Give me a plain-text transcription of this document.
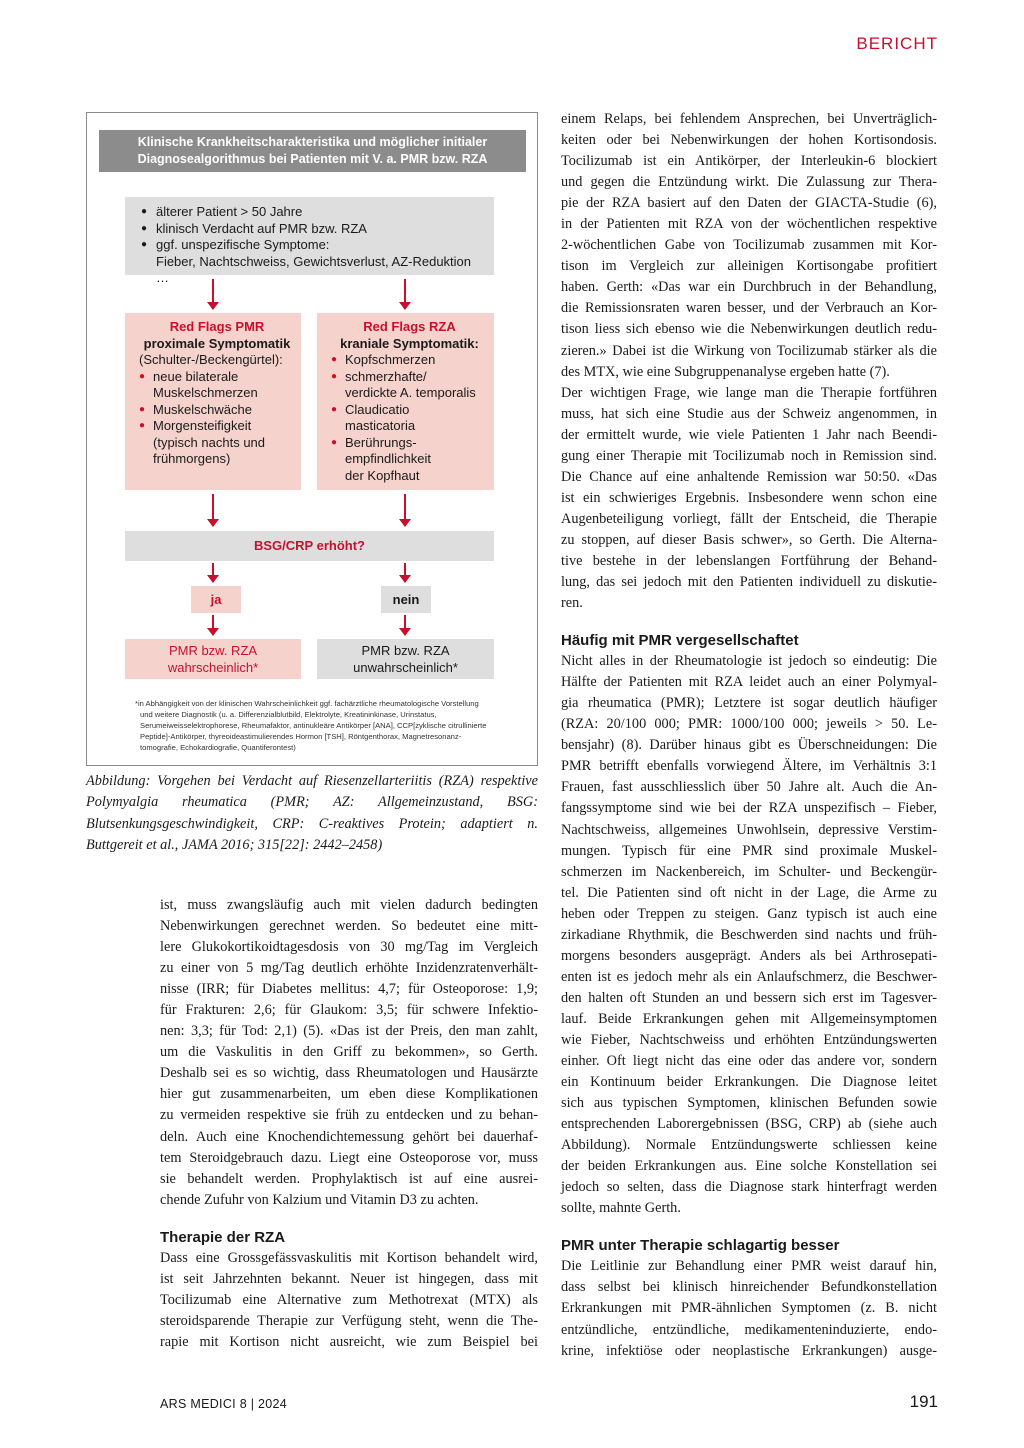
BERICHT
Klinische Krankheitscharakteristika und möglicher initialer
Diagnosealgorithmus bei Patienten mit V. a. PMR bzw. RZA
● älterer Patient > 50 Jahre
● klinisch Verdacht auf PMR bzw. RZA
● ggf. unspezifische Symptome:
Fieber, Nachtschweiss, Gewichtsverlust, AZ-Reduktion …
Red Flags PMR
proximale Symptomatik
(Schulter-/Beckengürtel):
● neue bilaterale
Muskelschmerzen
● Muskelschwäche
● Morgensteifigkeit
(typisch nachts und
frühmorgens)
Red Flags RZA
kraniale Symptomatik:
● Kopfschmerzen
● schmerzhafte/
verdickte A. temporalis
● Claudicatio
masticatoria
● Berührungs-
empfindlichkeit
der Kopfhaut
BSG/CRP erhöht?
ja	nein
PMR bzw. RZA
wahrscheinlich*
PMR bzw. RZA
unwahrscheinlich*
*in Abhängigkeit von der klinischen Wahrscheinlichkeit ggf. fachärztliche rheumatologische Vorstellung
und weitere Diagnostik (u. a. Differenzialblutbild, Elektrolyte, Kreatininkinase, Urinstatus,
Serumeiweisselektrophorese, Rheumafaktor, antinukleäre Antikörper [ANA], CCP[zyklische citrullinierte
Peptide]-Antikörper, thyreoideastimulierendes Hormon [TSH], Röntgenthorax, Magnetresonanz-
tomografie, Echokardiografie, Quantiferontest)
Abbildung: Vorgehen bei Verdacht auf Riesenzellarteriitis (RZA) respektive Polymyalgia rheumatica (PMR; AZ: Allgemeinzustand, BSG: Blutsenkungsgeschwindigkeit, CRP: C-reaktives Protein; adaptiert n. Buttgereit et al., JAMA 2016; 315[22]: 2442–2458)
ist, muss zwangsläufig auch mit vielen dadurch bedingten
Nebenwirkungen gerechnet werden. So bedeutet eine mitt-
lere Glukokortikoidtagesdosis von 30 mg/Tag im Vergleich
zu einer von 5 mg/Tag deutlich erhöhte Inzidenzratenverhält-
nisse (IRR; für Diabetes mellitus: 4,7; für Osteoporose: 1,9;
für Frakturen: 2,6; für Glaukom: 3,5; für schwere Infektio-
nen: 3,3; für Tod: 2,1) (5). «Das ist der Preis, den man zahlt,
um die Vaskulitis in den Griff zu bekommen», so Gerth.
Deshalb sei es so wichtig, dass Rheumatologen und Hausärzte
hier gut zusammenarbeiten, um eben diese Komplikationen
zu vermeiden respektive sie früh zu entdecken und zu behan-
deln. Auch eine Knochendichtemessung gehört bei dauerhaf-
tem Steroidgebrauch dazu. Liegt eine Osteoporose vor, muss
sie behandelt werden. Prophylaktisch ist auf eine ausrei-
chende Zufuhr von Kalzium und Vitamin D3 zu achten.
Therapie der RZA
Dass eine Grossgefässvaskulitis mit Kortison behandelt wird,
ist seit Jahrzehnten bekannt. Neuer ist hingegen, dass mit
Tocilizumab eine Alternative zum Methotrexat (MTX) als
steroidsparende Therapie zur Verfügung steht, wenn die The-
rapie mit Kortison nicht ausreicht, wie zum Beispiel bei
einem Relaps, bei fehlendem Ansprechen, bei Unverträglich-
keiten oder bei Nebenwirkungen der hohen Kortisondosis.
Tocilizumab ist ein Antikörper, der Interleukin-6 blockiert
und gegen die Entzündung wirkt. Die Zulassung zur Thera-
pie der RZA basiert auf den Daten der GIACTA-Studie (6),
in der Patienten mit RZA von der wöchentlichen respektive
2-wöchentlichen Gabe von Tocilizumab zusammen mit Kor-
tison im Vergleich zur alleinigen Kortisongabe profitiert
haben. Gerth: «Das war ein Durchbruch in der Behandlung,
die Remissionsraten waren besser, und der Verbrauch an Kor-
tison liess sich ebenso wie die Nebenwirkungen deutlich redu-
zieren.» Dabei ist die Wirkung von Tocilizumab stärker als die
des MTX, wie eine Subgruppenanalyse ergeben hatte (7).
Der wichtigen Frage, wie lange man die Therapie fortführen
muss, hat sich eine Studie aus der Schweiz angenommen, in
der ermittelt wurde, wie viele Patienten 1 Jahr nach Beendi-
gung einer Therapie mit Tocilizumab noch in Remission sind.
Die Chance auf eine anhaltende Remission war 50:50. «Das
ist ein schwieriges Ergebnis. Insbesondere wenn schon eine
Augenbeteiligung vorliegt, fällt der Entscheid, die Therapie
zu stoppen, auf dieser Basis schwer», so Gerth. Die Alterna-
tive bestehe in der lebenslangen Fortführung der Behand-
lung, das sei jedoch mit den Patienten individuell zu diskutie-
ren.
Häufig mit PMR vergesellschaftet
Nicht alles in der Rheumatologie ist jedoch so eindeutig: Die
Hälfte der Patienten mit RZA leidet auch an einer Polymyal-
gia rheumatica (PMR); Letztere ist sogar deutlich häufiger
(RZA: 20/100 000; PMR: 1000/100 000; jeweils > 50. Le-
bensjahr) (8). Darüber hinaus gibt es Überschneidungen: Die
PMR betrifft ebenfalls vorwiegend Ältere, im Verhältnis 3:1
Frauen, fast ausschliesslich über 50 Jahre alt. Auch die An-
fangssymptome sind wie bei der RZA unspezifisch – Fieber,
Nachtschweiss, allgemeines Unwohlsein, depressive Verstim-
mungen. Typisch für eine PMR sind proximale Muskel-
schmerzen im Nackenbereich, im Schulter- und Beckengür-
tel. Die Patienten sind oft nicht in der Lage, die Arme zu
heben oder Treppen zu steigen. Ganz typisch ist auch eine
zirkadiane Rhythmik, die Beschwerden sind nachts und früh-
morgens besonders ausgeprägt. Anders als bei Arthrosepati-
enten ist es jedoch mehr als ein Anlaufschmerz, die Beschwer-
den halten oft Stunden an und bessern sich erst im Tagesver-
lauf. Beide Erkrankungen gehen mit Allgemeinsymptomen
wie Fieber, Nachtschweiss und erhöhten Entzündungswerten
einher. Oft liegt nicht das eine oder das andere vor, sondern
ein Kontinuum beider Erkrankungen. Die Diagnose leitet
sich aus typischen Symptomen, klinischen Befunden sowie
entsprechenden Laborergebnissen (BSG, CRP) ab (siehe auch
Abbildung). Normale Entzündungswerte schliessen keine
der beiden Erkrankungen aus. Eine solche Konstellation sei
jedoch so selten, dass die Diagnose stark hinterfragt werden
sollte, mahnte Gerth.
PMR unter Therapie schlagartig besser
Die Leitlinie zur Behandlung einer PMR weist darauf hin,
dass selbst bei klinisch hinreichender Befundkonstellation
Erkrankungen mit PMR-ähnlichen Symptomen (z. B. nicht
entzündliche, entzündliche, medikamenteninduzierte, endo-
krine, infektiöse oder neoplastische Erkrankungen) ausge-
ARS MEDICI 8 | 2024	191
